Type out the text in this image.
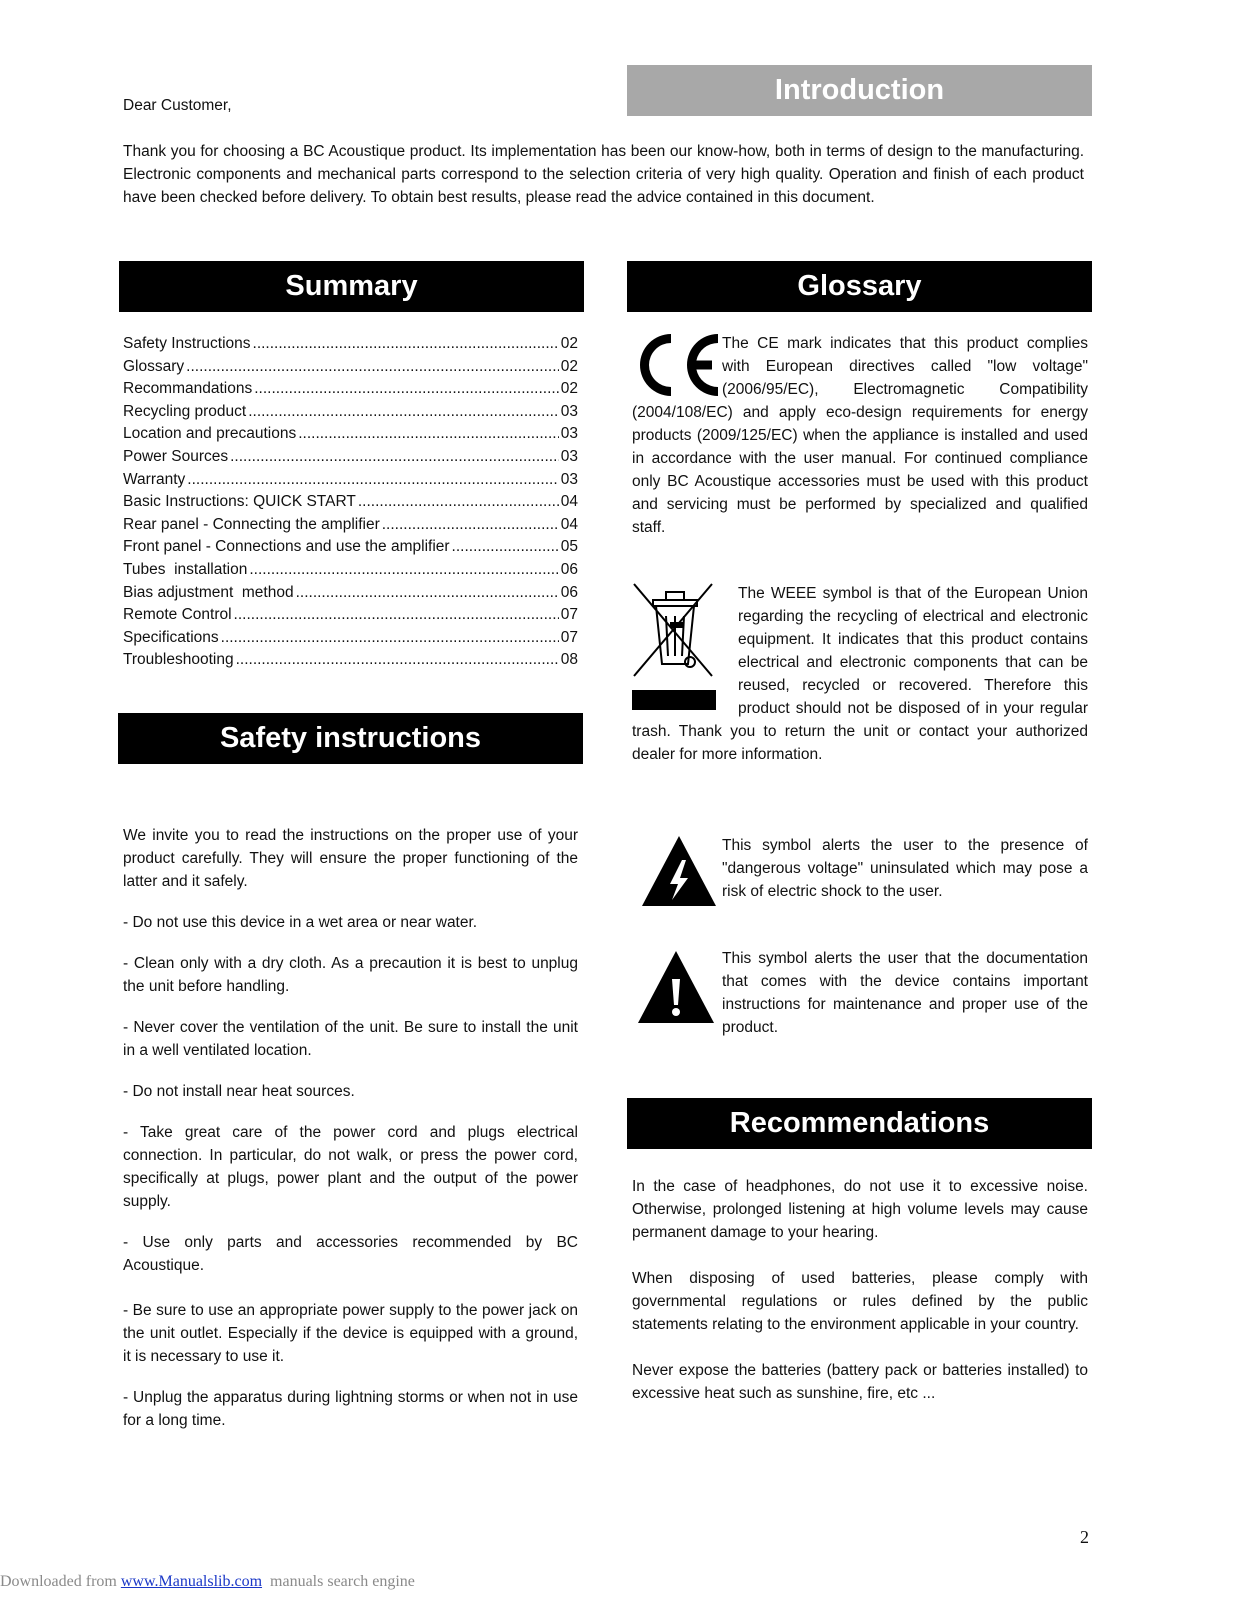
Introduction
Dear Customer,

Thank you for choosing a BC Acoustique product. Its implementation has been our know-how, both in terms of design to the manufacturing. Electronic components and mechanical parts correspond to the selection criteria of very high quality. Operation and finish of each product have been checked before delivery. To obtain best results, please read the advice contained in this document.

Summary
Safety Instructions .....	02
Glossary .....	02
Recommandations .....	02
Recycling product .....	03
Location and precautions .....	03
Power Sources .....	03
Warranty .....	03
Basic Instructions: QUICK START .....	04
Rear panel - Connecting the amplifier .....	04
Front panel - Connections and use the amplifier .....	05
Tubes  installation .....	06
Bias adjustment  method .....	06
Remote Control .....	07
Specifications .....	07
Troubleshooting .....	08
Safety instructions

We invite you to read the instructions on the proper use of your product carefully. They will ensure the proper functioning of the latter and it safely.

- Do not use this device in a wet area or near water.

- Clean only with a dry cloth. As a precaution it is best to unplug the unit before handling.

- Never cover the ventilation of the unit. Be sure to install the unit in a well ventilated location.

- Do not install near heat sources.

- Take great care of the power cord and plugs electrical connection. In particular, do not walk, or press the power cord, specifically at plugs, power plant and the output of the power supply.

- Use only parts and accessories recommended by BC Acoustique.

- Be sure to use an appropriate power supply to the power jack on the unit outlet. Especially if the device is equipped with a ground, it is necessary to use it.

- Unplug the apparatus during lightning storms or when not in use for a long time.

Glossary

The CE mark indicates that this product complies with European directives called "low voltage" (2006/95/EC), Electromagnetic Compatibility (2004/108/EC) and apply eco-design requirements for energy products (2009/125/EC) when the appliance is installed and used in accordance with the user manual. For continued compliance only BC Acoustique accessories must be used with this product and servicing must be performed by specialized and qualified staff.

The WEEE symbol is that of the European Union regarding the recycling of electrical and electronic equipment. It indicates that this product contains electrical and electronic components that can be reused, recycled or recovered. Therefore this product should not be disposed of in your regular trash. Thank you to return the unit or contact your authorized dealer for more information.

This symbol alerts the user to the presence of "dangerous voltage" uninsulated which may pose a risk of electric shock to the user.

This symbol alerts the user that the documentation that comes with the device contains important instructions for maintenance and proper use of the product.

Recommendations

In the case of headphones, do not use it to excessive noise. Otherwise, prolonged listening at high volume levels may cause permanent damage to your hearing.

When disposing of used batteries, please comply with governmental regulations or rules defined by the public statements relating to the environment applicable in your country.

Never expose the batteries (battery pack or batteries installed) to excessive heat such as sunshine, fire, etc ...

2
Downloaded from www.Manualslib.com  manuals search engine
